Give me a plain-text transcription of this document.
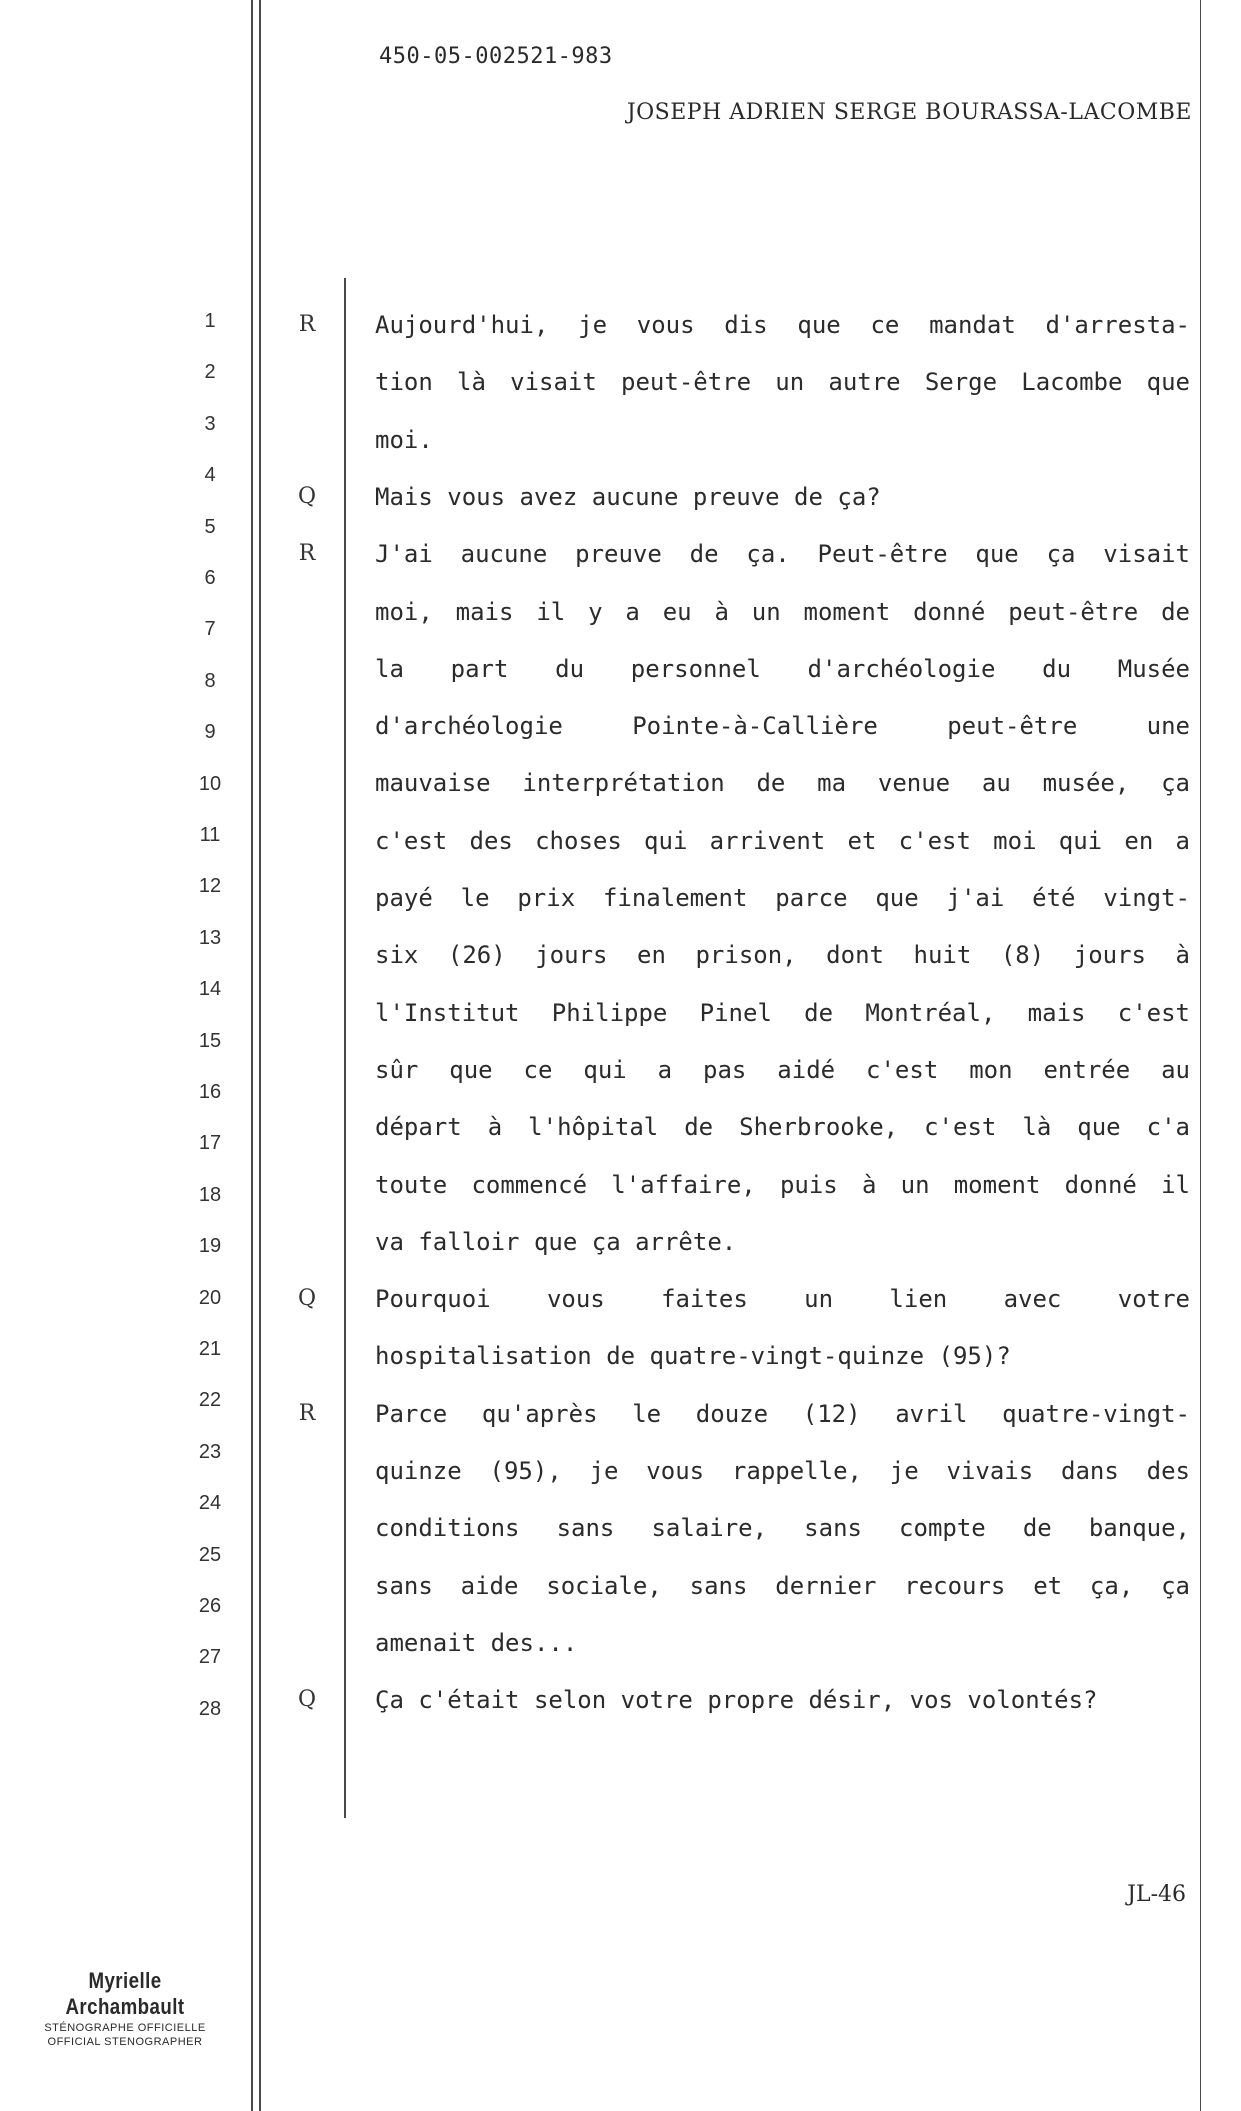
450-05-002521-983
JOSEPH ADRIEN SERGE BOURASSA-LACOMBE
1
2
3
4
5
6
7
8
9
10
11
12
13
14
15
16
17
18
19
20
21
22
23
24
25
26
27
28
R Aujourd'hui, je vous dis que ce mandat d'arresta-
tion là visait peut-être un autre Serge Lacombe que
moi.
Q Mais vous avez aucune preuve de ça?
R J'ai aucune preuve de ça. Peut-être que ça visait
moi, mais il y a eu à un moment donné peut-être de
la part du personnel d'archéologie du Musée
d'archéologie Pointe-à-Callière peut-être une
mauvaise interprétation de ma venue au musée, ça
c'est des choses qui arrivent et c'est moi qui en a
payé le prix finalement parce que j'ai été vingt-
six (26) jours en prison, dont huit (8) jours à
l'Institut Philippe Pinel de Montréal, mais c'est
sûr que ce qui a pas aidé c'est mon entrée au
départ à l'hôpital de Sherbrooke, c'est là que c'a
toute commencé l'affaire, puis à un moment donné il
va falloir que ça arrête.
Q Pourquoi vous faites un lien avec votre
hospitalisation de quatre-vingt-quinze (95)?
R Parce qu'après le douze (12) avril quatre-vingt-
quinze (95), je vous rappelle, je vivais dans des
conditions sans salaire, sans compte de banque,
sans aide sociale, sans dernier recours et ça, ça
amenait des...
Q Ça c'était selon votre propre désir, vos volontés?
JL-46
Myrielle Archambault
STÉNOGRAPHE OFFICIELLE
OFFICIAL STENOGRAPHER
